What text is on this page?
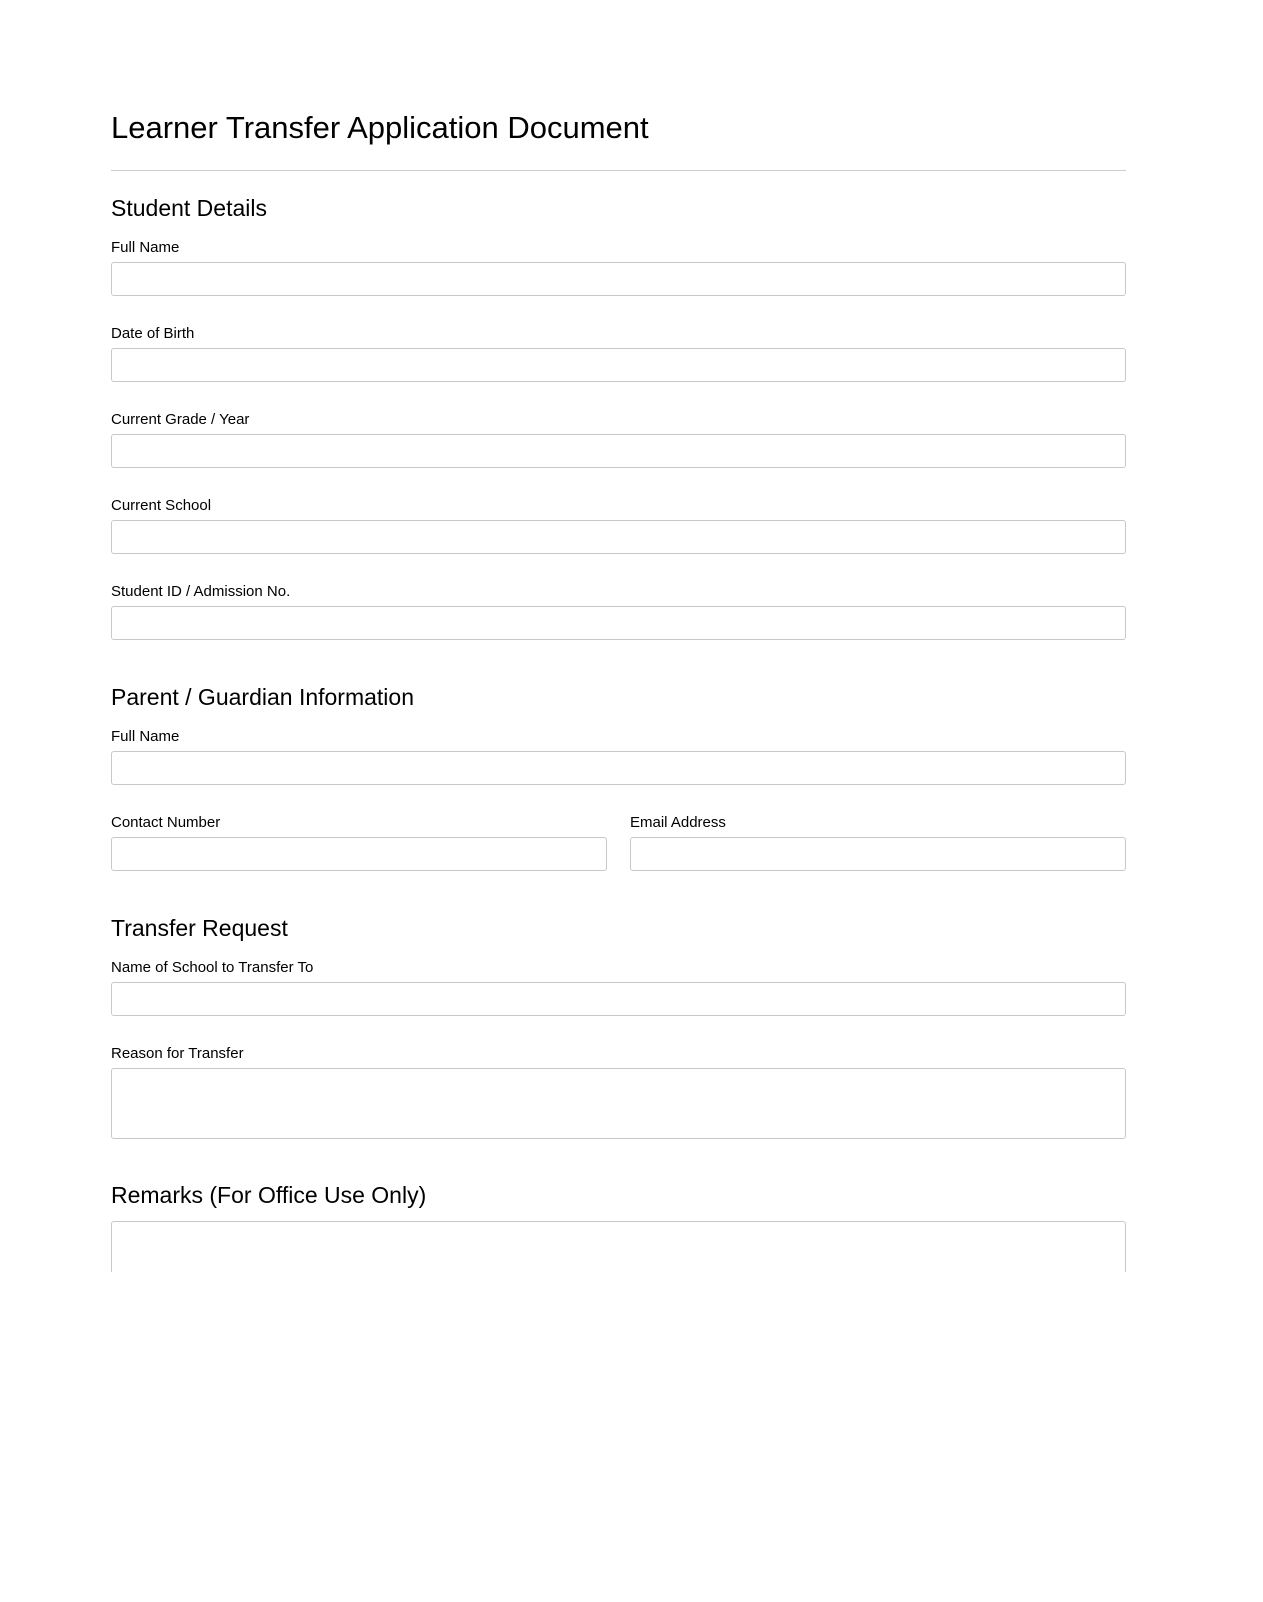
Learner Transfer Application Document
Student Details
Full Name
Date of Birth
Current Grade / Year
Current School
Student ID / Admission No.
Parent / Guardian Information
Full Name
Contact Number	Email Address
Transfer Request
Name of School to Transfer To
Reason for Transfer
Remarks (For Office Use Only)
